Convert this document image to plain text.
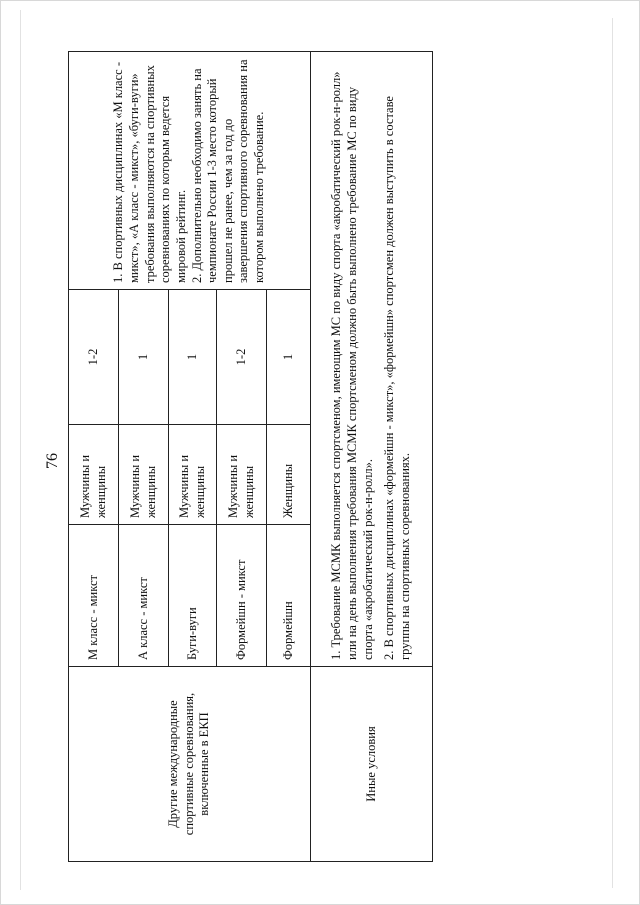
76
Другие международные спортивные соревнования, включенные в ЕКП	М класс - микст	Мужчины и женщины	1-2	1. В спортивных дисциплинах «М класс - микст», «А класс - микст», «буги-вуги» требования выполняются на спортивных соревнованиях по которым ведется мировой рейтинг. 2. Дополнительно необходимо занять на чемпионате России 1-3 место который прошел не ранее, чем за год до завершения спортивного соревнования на котором выполнено требование.

	А класс - микст	Мужчины и женщины	1	
	Буги-вуги	Мужчины и женщины	1	
	Формейшн - микст	Мужчины и женщины	1-2	
	Формейшн	Женщины	1	
Иные условия	1. Требование МСМК выполняется спортсменом, имеющим МС по виду спорта «акробатический рок-н-ролл» или на день выполнения требования МСМК спортсменом должно быть выполнено требование МС по виду спорта «акробатический рок-н-ролл». 2. В спортивных дисциплинах «формейшн - микст», «формейшн» спортсмен должен выступить в составе группы на спортивных соревнованиях.			
